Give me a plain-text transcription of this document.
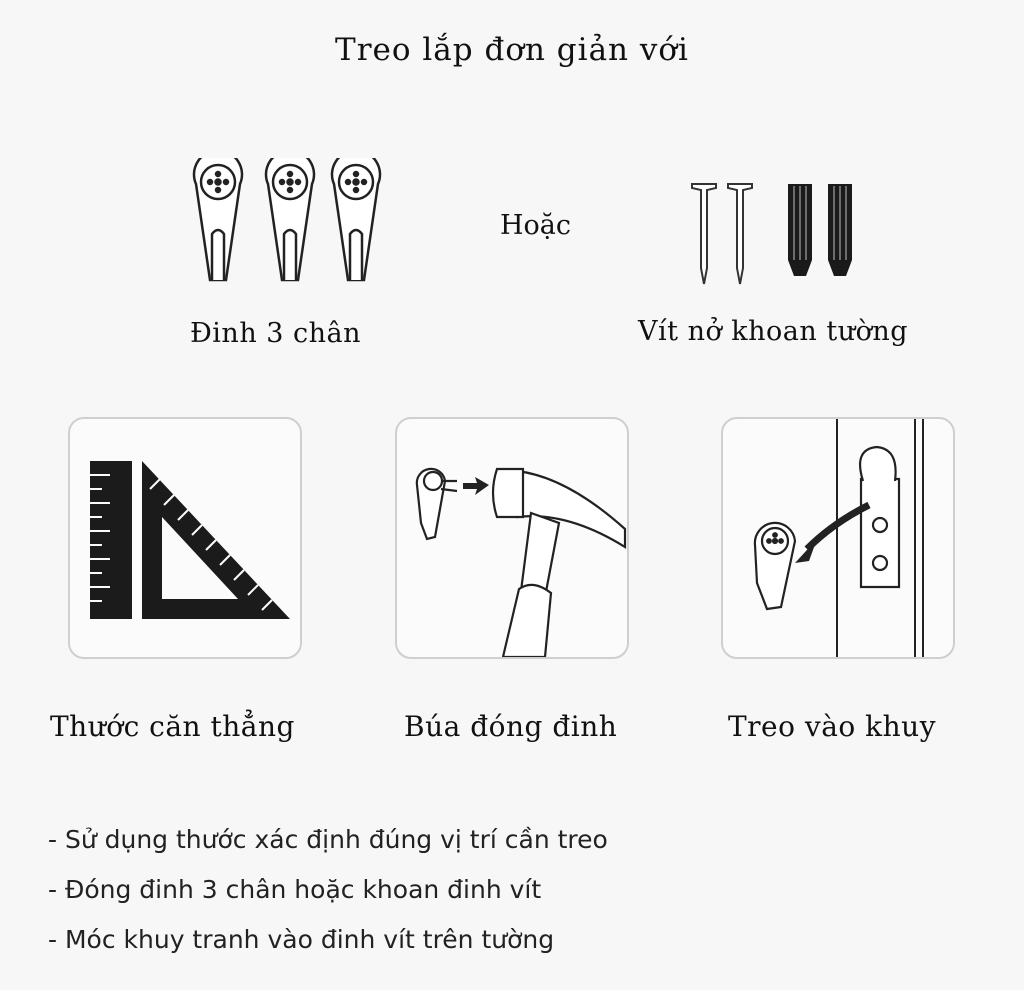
Treo lắp đơn giản với
Hoặc
Đinh 3 chân	Vít nở khoan tường
Thước căn thẳng	Búa đóng đinh	Treo vào khuy
- Sử dụng thước xác định đúng vị trí cần treo
- Đóng đinh 3 chân hoặc khoan đinh vít
- Móc khuy tranh vào đinh vít trên tường
